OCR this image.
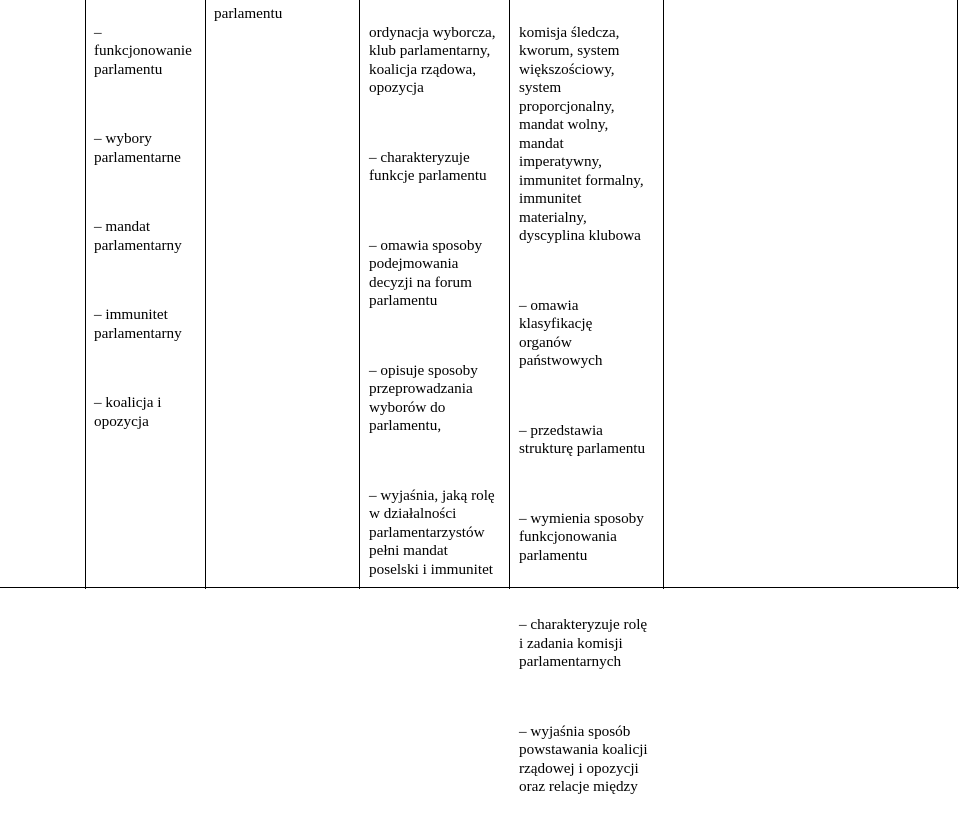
–
funkcjonowanie
parlamentu

– wybory
parlamentarne

– mandat
parlamentarny

– immunitet
parlamentarny

– koalicja i
opozycja

parlamentu

ordynacja wyborcza,
klub parlamentarny,
koalicja rządowa,
opozycja

– charakteryzuje
funkcje parlamentu

– omawia sposoby
podejmowania
decyzji na forum
parlamentu

– opisuje sposoby
przeprowadzania
wyborów do
parlamentu,

– wyjaśnia, jaką rolę
w działalności
parlamentarzystów
pełni mandat
poselski i immunitet

komisja śledcza,
kworum, system
większościowy,
system
proporcjonalny,
mandat wolny,
mandat
imperatywny,
immunitet formalny,
immunitet
materialny,
dyscyplina klubowa

– omawia
klasyfikację
organów
państwowych

– przedstawia
strukturę parlamentu

– wymienia sposoby
funkcjonowania
parlamentu

– charakteryzuje rolę
i zadania komisji
parlamentarnych

– wyjaśnia sposób
powstawania koalicji
rządowej i opozycji
oraz relacje między
